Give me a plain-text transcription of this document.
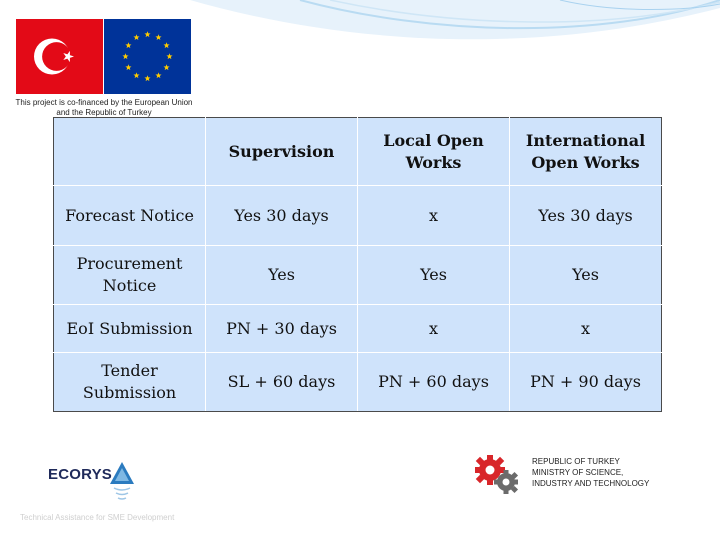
This project is co-financed by the European Union and the Republic of Turkey
	Supervision	Local Open Works	International Open Works
Forecast Notice	Yes 30 days	x	Yes 30 days
Procurement Notice	Yes	Yes	Yes
EoI Submission	PN + 30 days	x	x
Tender Submission	SL + 60 days	PN + 60 days	PN + 90 days
ECORYS
Technical Assistance for SME Development
REPUBLIC OF TURKEY
MINISTRY OF SCIENCE,
INDUSTRY AND TECHNOLOGY
